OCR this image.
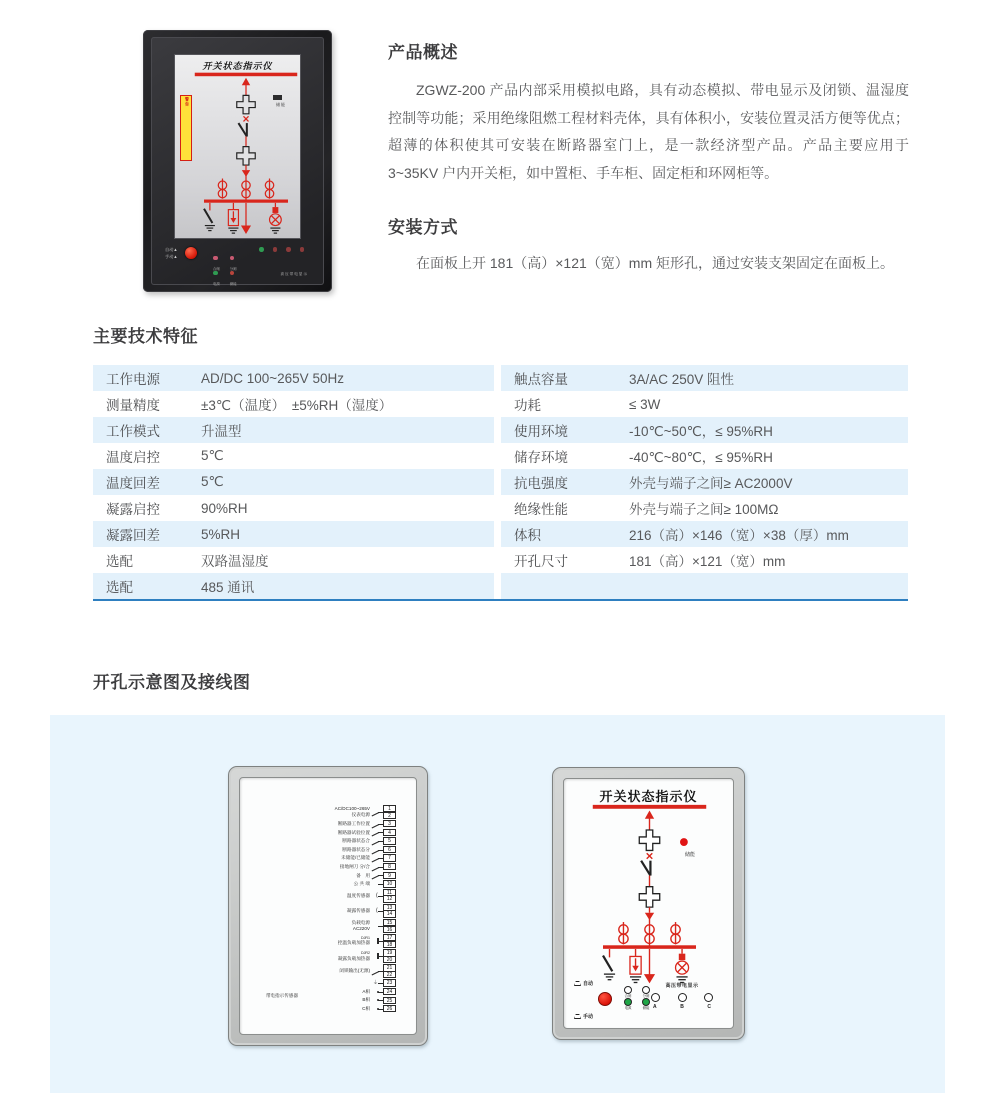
开关状态指示仪
警告	储能
自动▲
手动▲
合闸	分闸
电源	储能
高压带电显示
产品概述
ZGWZ-200 产品内部采用模拟电路，具有动态模拟、带电显示及闭锁、温湿度控制等功能；采用绝缘阻燃工程材料壳体，具有体积小，安装位置灵活方便等优点；超薄的体积使其可安装在断路器室门上，是一款经济型产品。产品主要应用于 3~35KV 户内开关柜，如中置柜、手车柜、固定柜和环网柜等。
安装方式
在面板上开 181（高）×121（宽）mm 矩形孔，通过安装支架固定在面板上。
主要技术特征
工作电源	AD/DC 100~265V 50Hz	触点容量	3A/AC 250V 阻性
测量精度	±3℃（温度）　±5%RH（湿度）	功耗	≤ 3W
工作模式	升温型	使用环境	-10℃~50℃，≤ 95%RH
温度启控	5℃	储存环境	-40℃~80℃，≤ 95%RH
温度回差	5℃	抗电强度	外壳与端子之间≥ AC2000V
凝露启控	90%RH	绝缘性能	外壳与端子之间≥ 100MΩ
凝露回差	5%RH	体积	216（高）×146（宽）×38（厚）mm
选配	双路温湿度	开孔尺寸	181（高）×121（宽）mm
选配	485 通讯
开孔示意图及接线图
AC/DC100~265V
仪表电源
1
2
断路器工作位置	3
断路器试验位置	4
断路器状态合	5
断路器状态分	6
未储能/已储能	7
接地闸刀 分/合	8
备　用	9
公 共 端	10
温度传感器 ⟨	11
12
凝露传感器 ⟨	13
14
负载电源
AC220V
15
16
DJR1
控温负载加热器
17
18
DJR2
凝露负载加热器
19
20
闭锁输出(无源)	21
22
⏚
23
A相	24
B相	25
C相	26
带电指示传感器
开关状态指示仪
储能
自动
手动
合闸
电源
分闸
储能
高压带电显示
A	B	C
